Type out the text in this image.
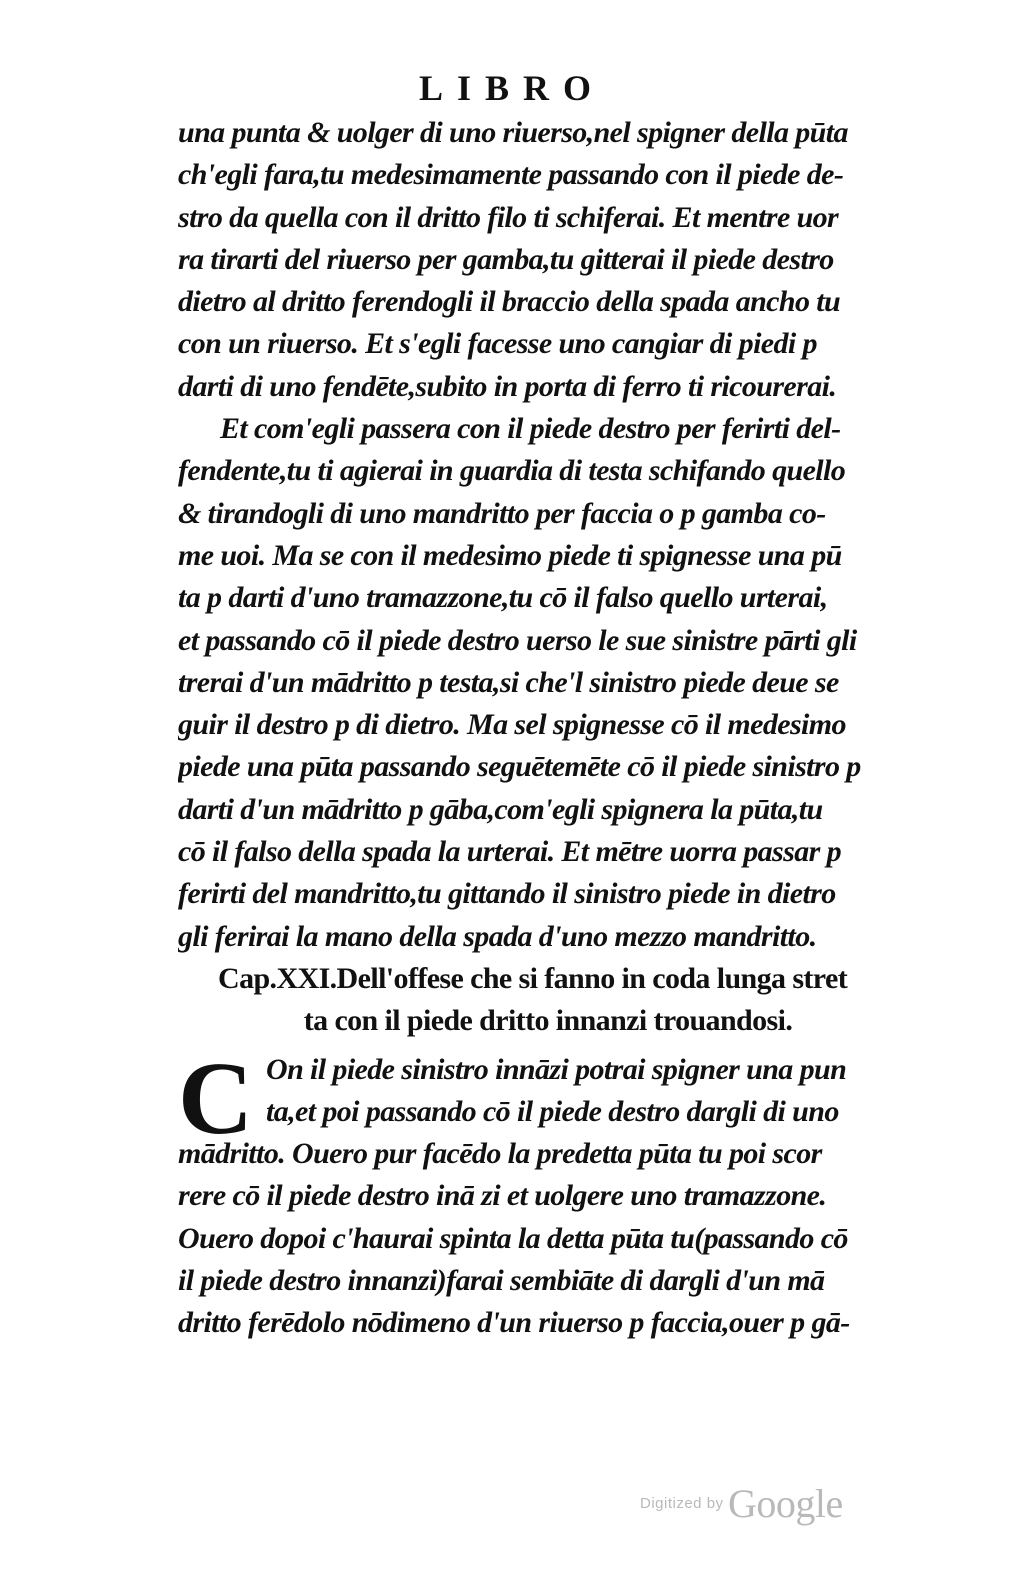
LIBRO
una punta & uolger di uno riuerso,nel spigner della pūta
ch'egli fara,tu medesimamente passando con il piede de-
stro da quella con il dritto filo ti schiferai. Et mentre uor
ra tirarti del riuerso per gamba,tu gitterai il piede destro
dietro al dritto ferendogli il braccio della spada ancho tu
con un riuerso. Et s'egli facesse uno cangiar di piedi p
darti di uno fendēte,subito in porta di ferro ti ricourerai.
Et com'egli passera con il piede destro per ferirti del-
fendente,tu ti agierai in guardia di testa schifando quello
& tirandogli di uno mandritto per faccia o p gamba co-
me uoi. Ma se con il medesimo piede ti spignesse una pū
ta p darti d'uno tramazzone,tu cō il falso quello urterai,
et passando cō il piede destro uerso le sue sinistre pārti gli
trerai d'un mādritto p testa,si che'l sinistro piede deue se
guir il destro p di dietro. Ma sel spignesse cō il medesimo
piede una pūta passando seguētemēte cō il piede sinistro p
darti d'un mādritto p gāba,com'egli spignera la pūta,tu
cō il falso della spada la urterai. Et mētre uorra passar p
ferirti del mandritto,tu gittando il sinistro piede in dietro
gli ferirai la mano della spada d'uno mezzo mandritto.
Cap.XXI.Dell'offese che si fanno in coda lunga stret
ta con il piede dritto innanzi trouandosi.
C On il piede sinistro innāzi potrai spigner una pun
ta,et poi passando cō il piede destro dargli di uno
mādritto. Ouero pur facēdo la predetta pūta tu poi scor
rere cō il piede destro inā zi et uolgere uno tramazzone.
Ouero dopoi c'haurai spinta la detta pūta tu(passando cō
il piede destro innanzi)farai sembiāte di dargli d'un mā
dritto ferēdolo nōdimeno d'un riuerso p faccia,ouer p gā-
Digitized by Google
